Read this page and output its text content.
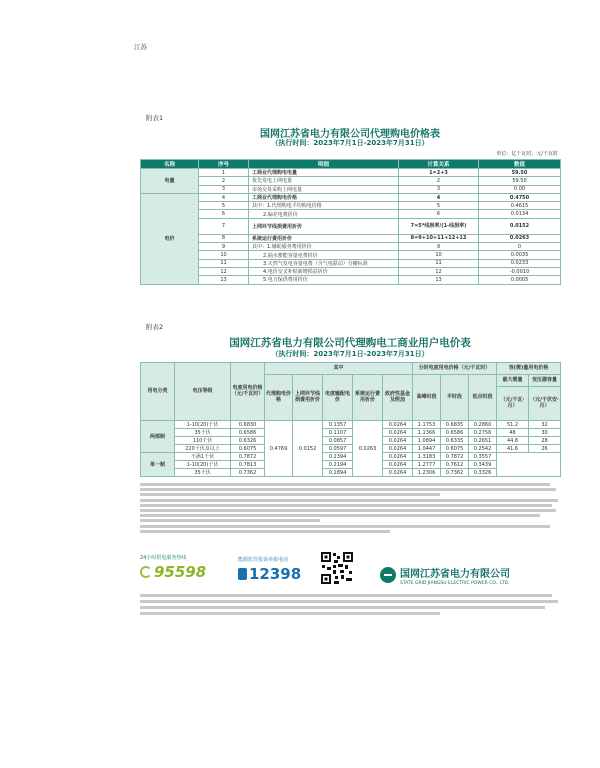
江苏
附表1
国网江苏省电力有限公司代理购电价格表
（执行时间：2023年7月1日-2023年7月31日）
单位：亿千瓦时，元/千瓦时
名称	序号	明细	计算关系	数值
电量	1	工商业代理购电电量	1=2+3	59.50
	2	优先发电上网电量	2	59.50
	3	市场交易采购上网电量	3	0.00
电价	4	工商业代理购电价格	4	0.4750
	5	其中：1.代理购电平均购电价格	5	0.4615
	6	2.偏差电费折价	6	0.0134
	7	上网环节线损费用折价	7=5*线损率/(1-线损率)	0.0152
	8	系统运行费用折价	8=9+10+11+12+13	0.0263
	9	其中：1.辅助服务费用折价	9	0
	10	2.抽水蓄能容量电费折价	10	0.0035
	11	3.天然气发电容量电费（含气电联动）分摊标准	11	0.0233
	12	4.电价交叉补贴新增损益折价	12	-0.0010
	13	5.电力保供费用折价	13	0.0005
附表2
国网江苏省电力有限公司代理购电工商业用户电价表
（执行时间：2023年7月1日-2023年7月31日）
用电分类	电压等级	电度用电价格（元/千瓦时）	其中					分时电度用电价格（元/千瓦时）			容(需)量用电价格	
			代理购电价格	上网环节线损费用折价	电度输配电价	系统运行费用折价	政府性基金及附加	高峰时段	平时段	低谷时段	最大需量	变压器容量
											（元/千瓦·月）	（元/千伏安·月）
两部制	1-10(20)千伏	0.6830	0.4769	0.0152	0.1357	0.0263	0.0264	1.1753	0.6835	0.2860	51.2	32
	35千伏	0.6586			0.1107		0.0264	1.1366	0.6586	0.2756	48	30
	110千伏	0.6326			0.0857		0.0264	1.0894	0.6335	0.2651	44.8	28
	220千伏及以上	0.6075			0.0597		0.0264	1.0447	0.6075	0.2542	41.6	26
单一制	不满1千伏	0.7872			0.2394		0.0264	1.3183	0.7872	0.3557		
	1-10(20)千伏	0.7813			0.2194		0.0264	1.2777	0.7612	0.3439		
	35千伏	0.7362			0.1894		0.0264	1.2306	0.7362	0.3326		
24小时供电服务热线
95598
能源监管投诉举报电话
12398	国网江苏省电力有限公司
STATE GRID JIANGSU ELECTRIC POWER CO., LTD.
